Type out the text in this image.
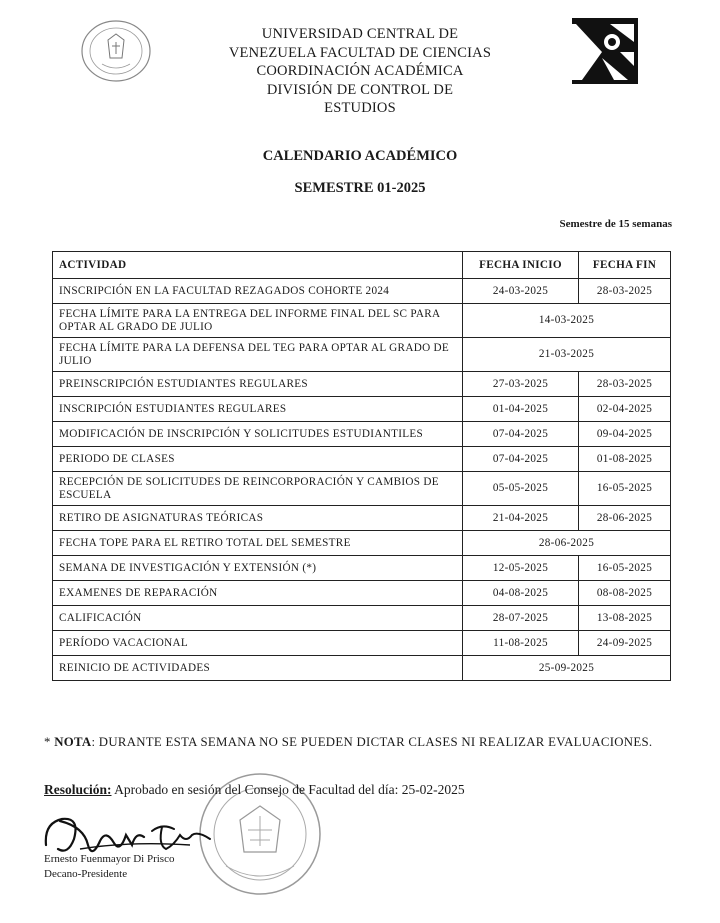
UNIVERSIDAD CENTRAL DE
VENEZUELA FACULTAD DE CIENCIAS
COORDINACIÓN ACADÉMICA
DIVISIÓN DE CONTROL DE
ESTUDIOS
CALENDARIO ACADÉMICO
SEMESTRE 01-2025
Semestre de 15 semanas
ACTIVIDAD	FECHA INICIO	FECHA FIN
INSCRIPCIÓN EN LA FACULTAD REZAGADOS COHORTE 2024	24-03-2025	28-03-2025
FECHA LÍMITE PARA LA ENTREGA DEL INFORME FINAL DEL SC PARA OPTAR AL GRADO DE JULIO	14-03-2025	
FECHA LÍMITE PARA LA DEFENSA DEL TEG PARA OPTAR AL GRADO DE JULIO	21-03-2025	
PREINSCRIPCIÓN ESTUDIANTES REGULARES	27-03-2025	28-03-2025
INSCRIPCIÓN ESTUDIANTES REGULARES	01-04-2025	02-04-2025
MODIFICACIÓN DE INSCRIPCIÓN Y SOLICITUDES ESTUDIANTILES	07-04-2025	09-04-2025
PERIODO DE CLASES	07-04-2025	01-08-2025
RECEPCIÓN DE SOLICITUDES DE REINCORPORACIÓN Y CAMBIOS DE ESCUELA	05-05-2025	16-05-2025
RETIRO DE ASIGNATURAS TEÓRICAS	21-04-2025	28-06-2025
FECHA TOPE PARA EL RETIRO TOTAL DEL SEMESTRE	28-06-2025	
SEMANA DE INVESTIGACIÓN Y EXTENSIÓN (*)	12-05-2025	16-05-2025
EXAMENES DE REPARACIÓN	04-08-2025	08-08-2025
CALIFICACIÓN	28-07-2025	13-08-2025
PERÍODO VACACIONAL	11-08-2025	24-09-2025
REINICIO DE ACTIVIDADES	25-09-2025	
* NOTA: DURANTE ESTA SEMANA NO SE PUEDEN DICTAR CLASES NI REALIZAR EVALUACIONES.
Resolución: Aprobado en sesión del Consejo de Facultad del día: 25-02-2025
Ernesto Fuenmayor Di Prisco
Decano-Presidente
